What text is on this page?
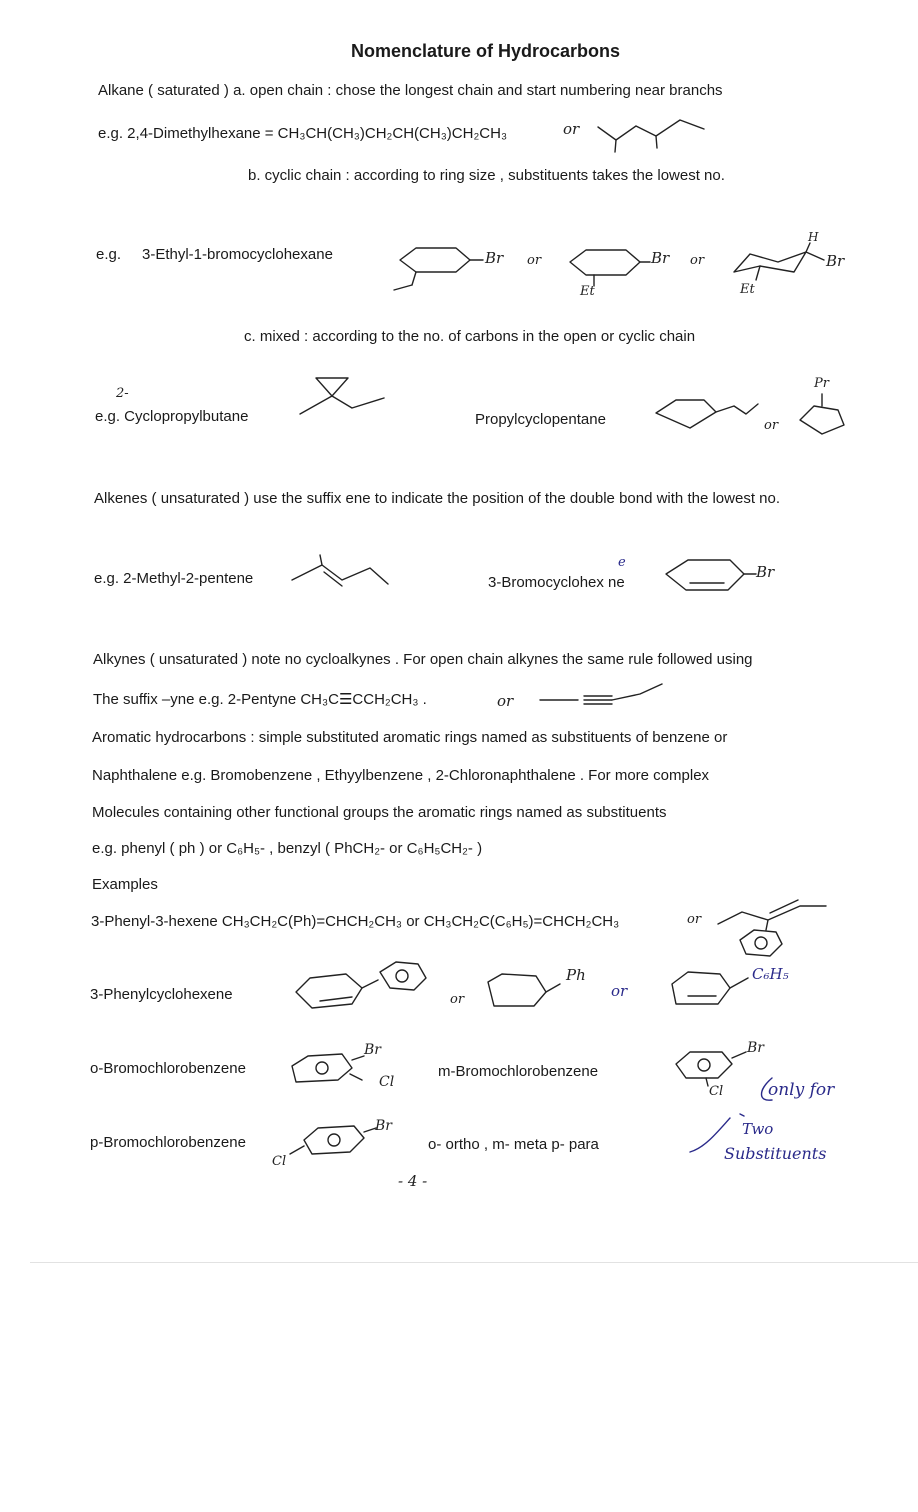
Nomenclature of Hydrocarbons
Alkane ( saturated ) a. open chain : chose the longest chain and start numbering near branchs
e.g. 2,4-Dimethylhexane = CH₃CH(CH₃)CH₂CH(CH₃)CH₂CH₃	or
b. cyclic chain : according to ring size , substituents takes the lowest no.
e.g. 3-Ethyl-1-bromocyclohexane
c. mixed : according to the no. of carbons in the open or cyclic chain
2-
e.g. Cyclopropylbutane	Propylcyclopentane
Alkenes ( unsaturated ) use the suffix ene to indicate the position of the double bond with the lowest no.
e.g. 2-Methyl-2-pentene	3-Bromocyclohex ne
e
Alkynes ( unsaturated ) note no cycloalkynes . For open chain alkynes the same rule followed using
The suffix –yne e.g. 2-Pentyne CH₃C☰CCH₂CH₃ .	or
Aromatic hydrocarbons : simple substituted aromatic rings named as substituents of benzene or
Naphthalene e.g. Bromobenzene , Ethyylbenzene , 2-Chloronaphthalene . For more complex
Molecules containing other functional groups the aromatic rings named as substituents
e.g. phenyl ( ph ) or C₆H₅- , benzyl ( PhCH₂- or C₆H₅CH₂- )
Examples
3-Phenyl-3-hexene CH₃CH₂C(Ph)=CHCH₂CH₃ or CH₃CH₂C(C₆H₅)=CHCH₂CH₃	or
3-Phenylcyclohexene
o-Bromochlorobenzene	m-Bromochlorobenzene
p-Bromochlorobenzene	o- ortho , m- meta p- para
Br or	Br or	Br
H
Et	Et
Pr
or
Br
Ph
or	or
C₆H₅
Br
Cl
Br
Cl
Br
Cl
only for
Two
Substituents
- 4 -
